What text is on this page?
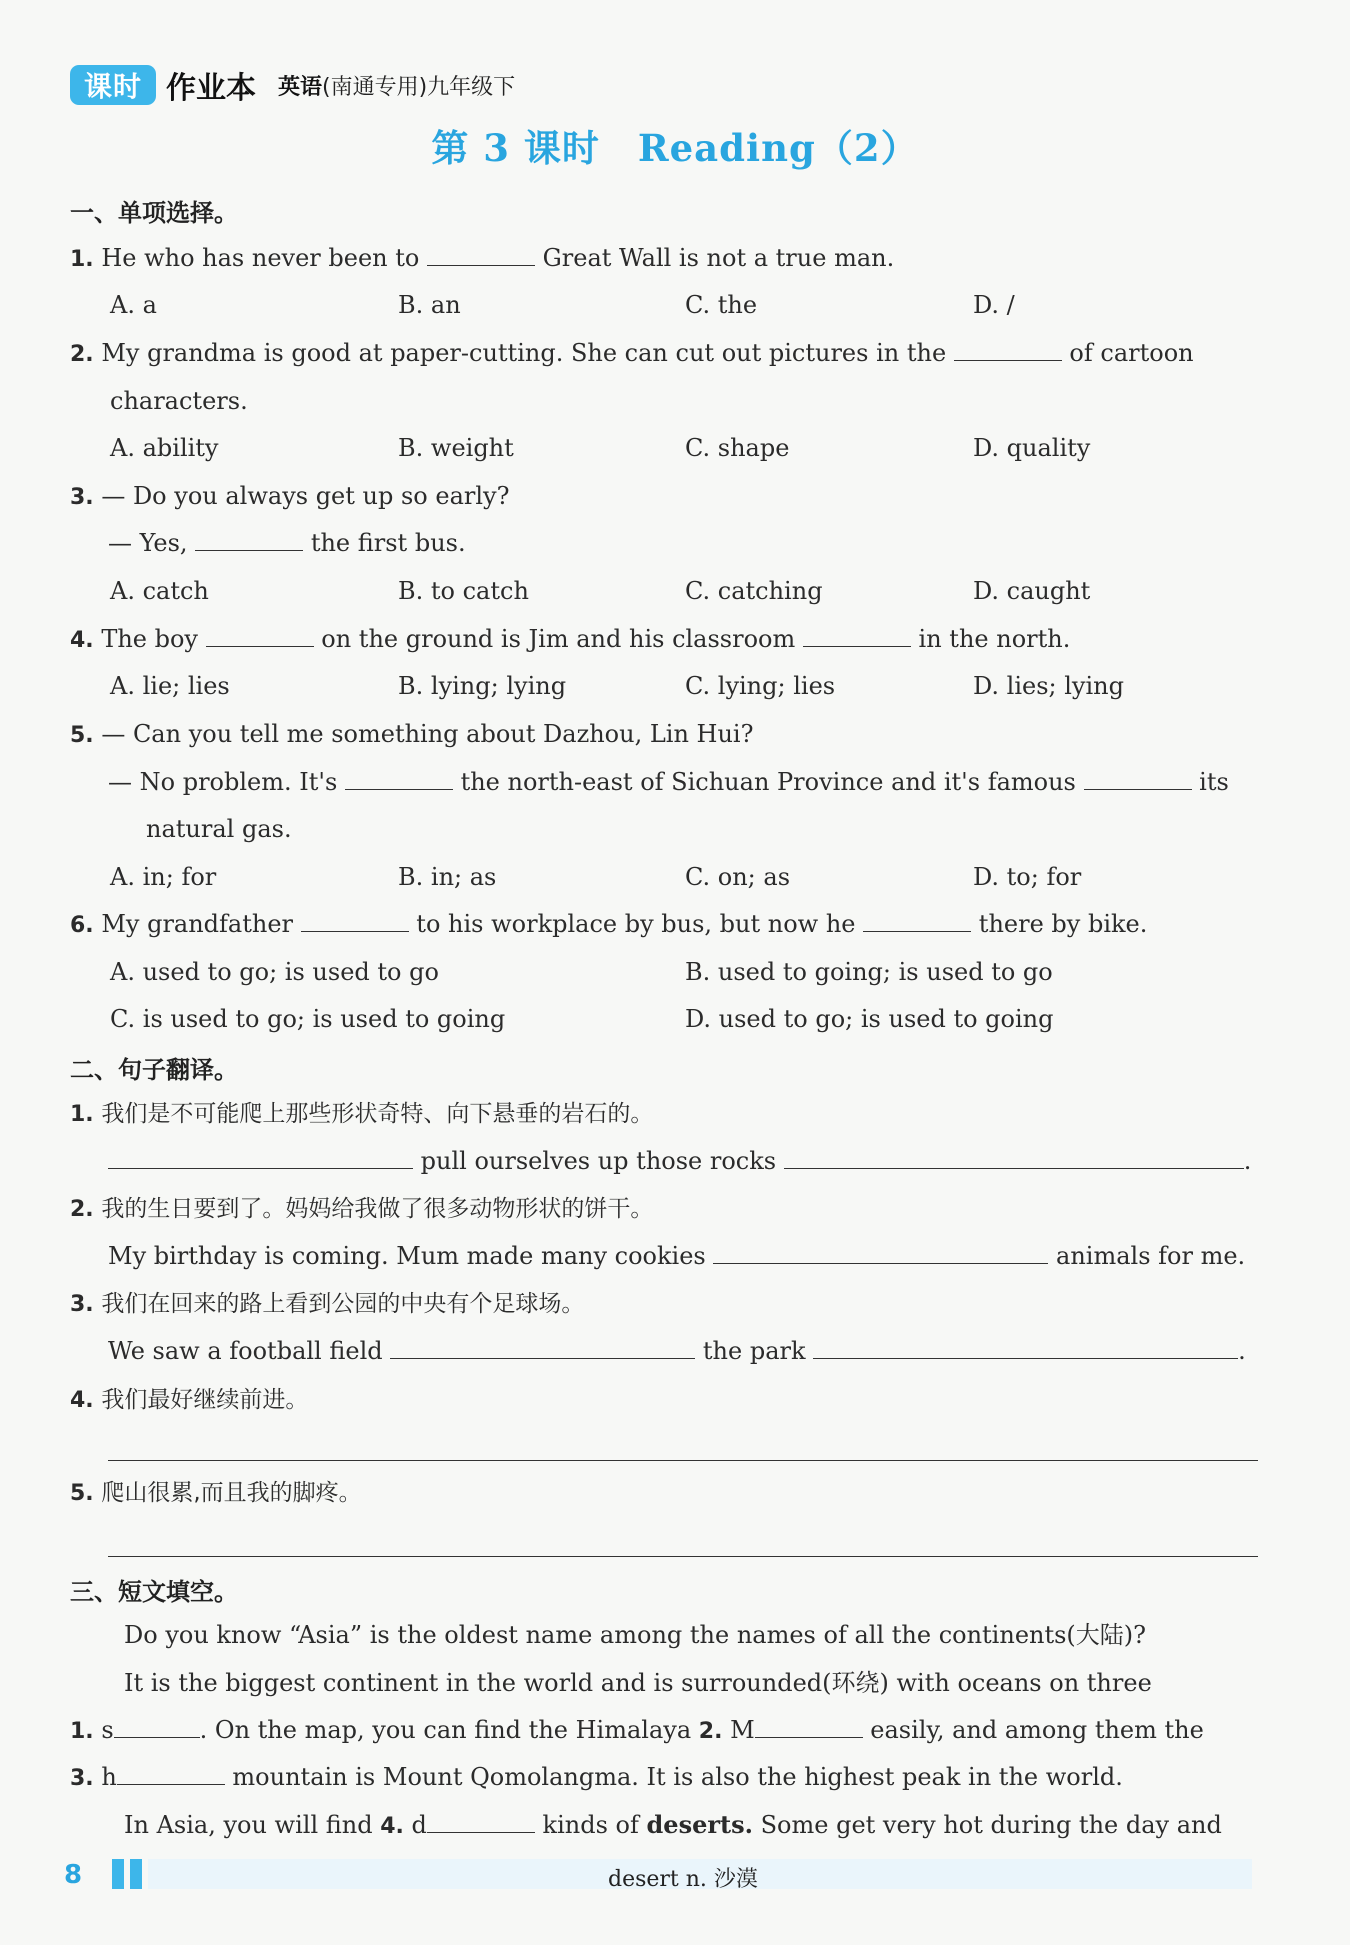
课时 作业本 英语 (南通专用)九年级下
第 3 课时　Reading（2）
一、单项选择。
1. He who has never been to	Great Wall is not a true man.
A. a	B. an	C. the	D. /
2. My grandma is good at paper-cutting. She can cut out pictures in the	of cartoon
characters.
A. ability	B. weight	C. shape	D. quality
3. — Do you always get up so early?
— Yes,	the first bus.
A. catch	B. to catch	C. catching	D. caught
4. The boy	on the ground is Jim and his classroom	in the north.
A. lie; lies	B. lying; lying	C. lying; lies	D. lies; lying
5. — Can you tell me something about Dazhou, Lin Hui?
— No problem. It's	the north-east of Sichuan Province and it's famous	its
natural gas.
A. in; for	B. in; as	C. on; as	D. to; for
6. My grandfather	to his workplace by bus, but now he	there by bike.
A. used to go; is used to go	B. used to going; is used to go
C. is used to go; is used to going	D. used to go; is used to going
二、句子翻译。
1. 我们是不可能爬上那些形状奇特、向下悬垂的岩石的。
pull ourselves up those rocks	.
2. 我的生日要到了。妈妈给我做了很多动物形状的饼干。
My birthday is coming. Mum made many cookies	animals for me.
3. 我们在回来的路上看到公园的中央有个足球场。
We saw a football field	the park	.
4. 我们最好继续前进。
5. 爬山很累,而且我的脚疼。
三、短文填空。
Do you know “Asia” is the oldest name among the names of all the continents(大陆)?
It is the biggest continent in the world and is surrounded(环绕) with oceans on three
1. s	. On the map, you can find the Himalaya 2. M	easily, and among them the
3. h	mountain is Mount Qomolangma. It is also the highest peak in the world.
In Asia, you will find 4. d	kinds of deserts. Some get very hot during the day and
8	desert n. 沙漠
